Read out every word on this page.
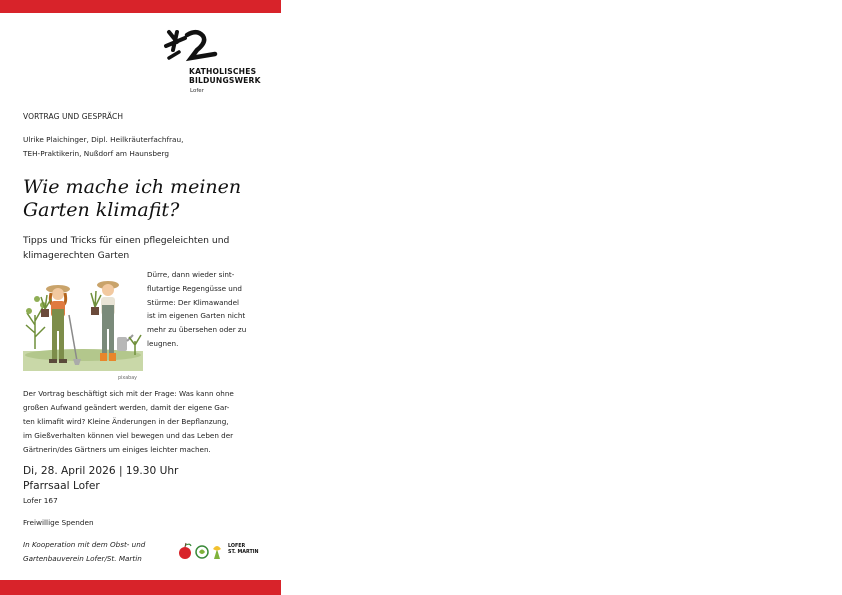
KATHOLISCHES
BILDUNGSWERK
Lofer
VORTRAG UND GESPRÄCH
Ulrike Plaichinger, Dipl. Heilkräuterfachfrau,
TEH-Praktikerin, Nußdorf am Haunsberg
Wie mache ich meinen
Garten klimafit?
Tipps und Tricks für einen pflegeleichten und
klimagerechten Garten
pixabay
Dürre, dann wieder sint-
flutartige Regengüsse und
Stürme: Der Klimawandel
ist im eigenen Garten nicht
mehr zu übersehen oder zu
leugnen.
Der Vortrag beschäftigt sich mit der Frage: Was kann ohne
großen Aufwand geändert werden, damit der eigene Gar-
ten klimafit wird? Kleine Änderungen in der Bepflanzung,
im Gießverhalten können viel bewegen und das Leben der
Gärtnerin/des Gärtners um einiges leichter machen.
Di, 28. April 2026 | 19.30 Uhr
Pfarrsaal Lofer
Lofer 167
Freiwillige Spenden
In Kooperation mit dem Obst- und
Gartenbauverein Lofer/St. Martin
LOFER
ST. MARTIN
